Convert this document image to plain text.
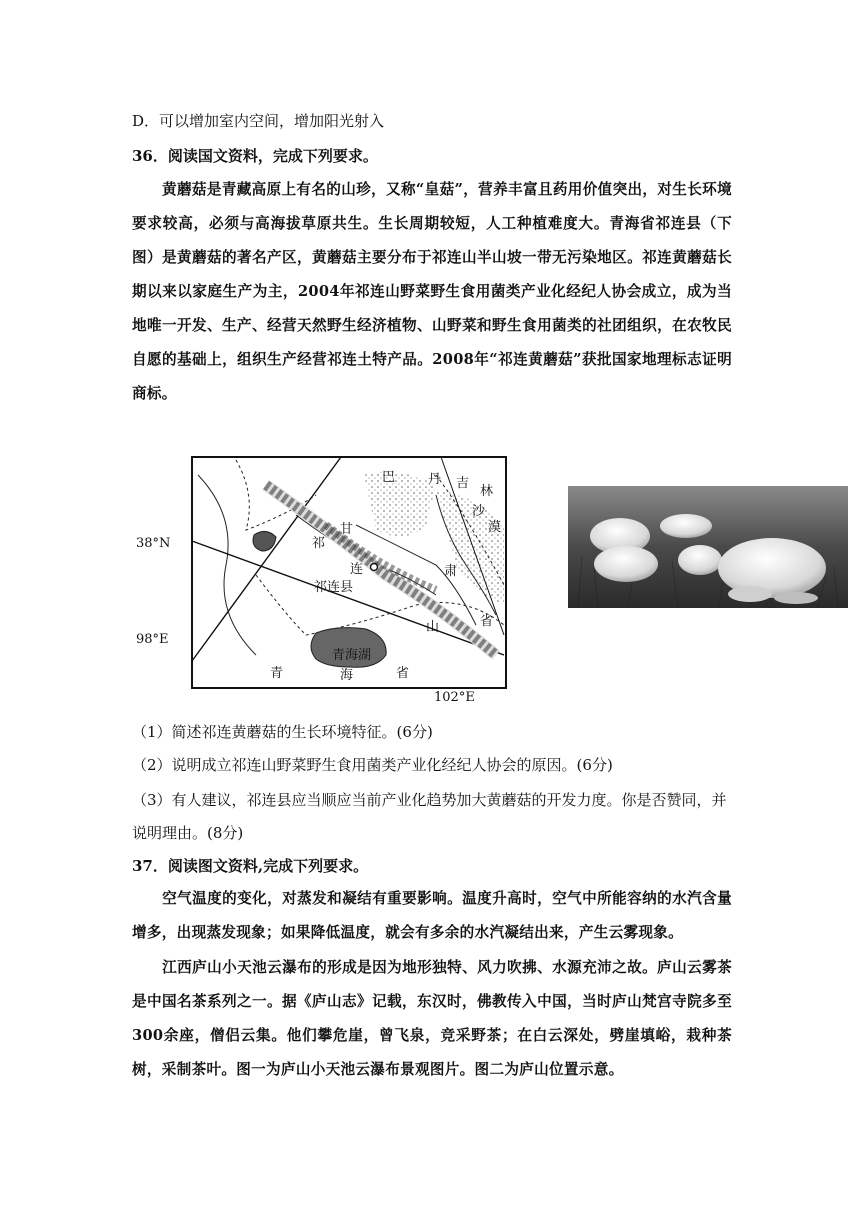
D．可以增加室内空间，增加阳光射入
36．阅读国文资料，完成下列要求。
黄蘑菇是青藏高原上有名的山珍，又称“皇菇”，营养丰富且药用价值突出，对生长环境要求较高，必须与高海拔草原共生。生长周期较短，人工种植难度大。青海省祁连县（下图）是黄蘑菇的著名产区，黄蘑菇主要分布于祁连山半山坡一带无污染地区。祁连黄蘑菇长期以来以家庭生产为主，2004年祁连山野菜野生食用菌类产业化经纪人协会成立，成为当地唯一开发、生产、经营天然野生经济植物、山野菜和野生食用菌类的社团组织，在农牧民自愿的基础上，组织生产经营祁连土特产品。2008年“祁连黄蘑菇”获批国家地理标志证明商标。
38°N
98°E
102°E
巴	丹 吉
林
沙
漠
祁
甘
连
山
肃
省
祁连县
青海湖
青	海	省
（1）简述祁连黄蘑菇的生长环境特征。(6分)
（2）说明成立祁连山野菜野生食用菌类产业化经纪人协会的原因。(6分)
（3）有人建议，祁连县应当顺应当前产业化趋势加大黄蘑菇的开发力度。你是否赞同，并
说明理由。(8分)
37．阅读图文资料,完成下列要求。
空气温度的变化，对蒸发和凝结有重要影响。温度升高时，空气中所能容纳的水汽含量增多，出现蒸发现象；如果降低温度，就会有多余的水汽凝结出来，产生云雾现象。
江西庐山小天池云瀑布的形成是因为地形独特、风力吹拂、水源充沛之故。庐山云雾茶是中国名茶系列之一。据《庐山志》记载，东汉时，佛教传入中国，当时庐山梵宫寺院多至300余座，僧侣云集。他们攀危崖，曾飞泉，竞采野茶；在白云深处，劈崖填峪，栽种茶树，采制茶叶。图一为庐山小天池云瀑布景观图片。图二为庐山位置示意。
